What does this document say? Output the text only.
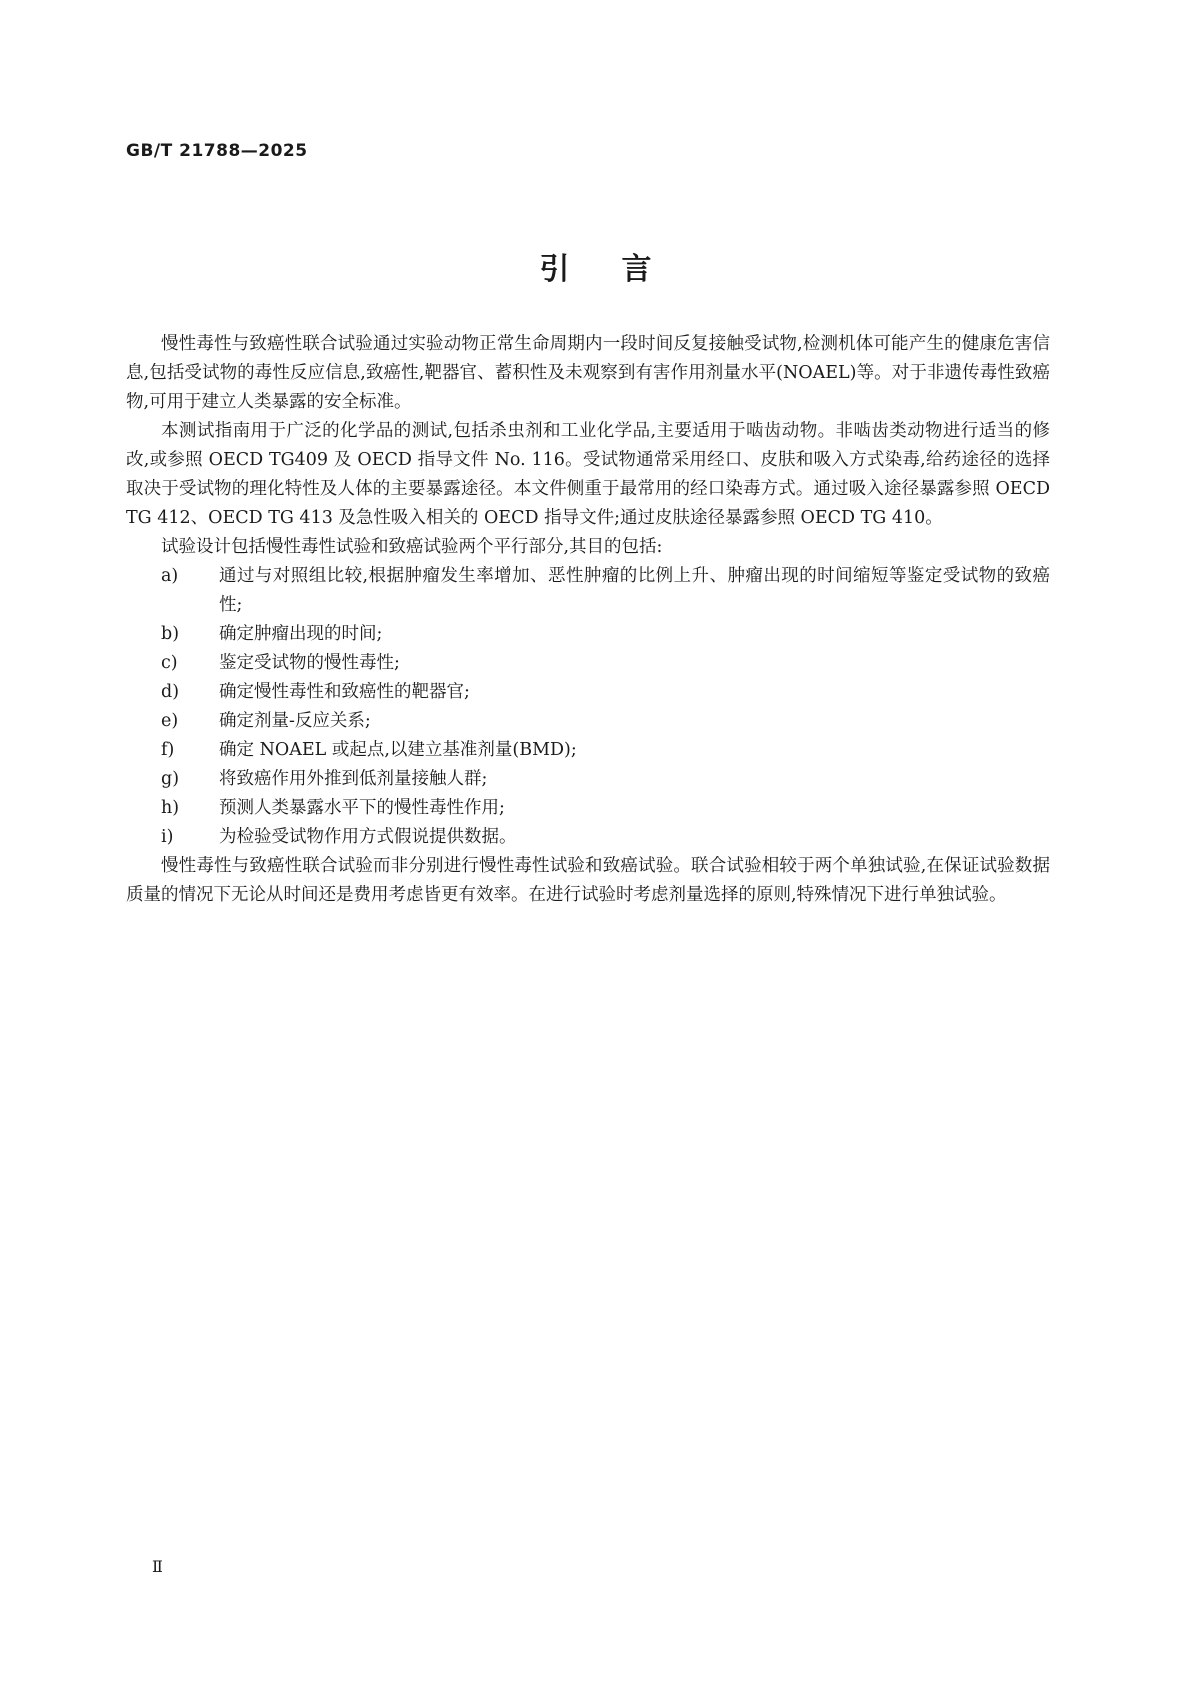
GB/T 21788—2025
引言

慢性毒性与致癌性联合试验通过实验动物正常生命周期内一段时间反复接触受试物,检测机体可能产生的健康危害信息,包括受试物的毒性反应信息,致癌性,靶器官、蓄积性及未观察到有害作用剂量水平(NOAEL)等。对于非遗传毒性致癌物,可用于建立人类暴露的安全标准。

本测试指南用于广泛的化学品的测试,包括杀虫剂和工业化学品,主要适用于啮齿动物。非啮齿类动物进行适当的修改,或参照 OECD TG409 及 OECD 指导文件 No. 116。受试物通常采用经口、皮肤和吸入方式染毒,给药途径的选择取决于受试物的理化特性及人体的主要暴露途径。本文件侧重于最常用的经口染毒方式。通过吸入途径暴露参照 OECD TG 412、OECD TG 413 及急性吸入相关的 OECD 指导文件;通过皮肤途径暴露参照 OECD TG 410。

试验设计包括慢性毒性试验和致癌试验两个平行部分,其目的包括:

a)	通过与对照组比较,根据肿瘤发生率增加、恶性肿瘤的比例上升、肿瘤出现的时间缩短等鉴定受试物的致癌性;
b)	确定肿瘤出现的时间;
c)	鉴定受试物的慢性毒性;
d)	确定慢性毒性和致癌性的靶器官;
e)	确定剂量-反应关系;
f)	确定 NOAEL 或起点,以建立基准剂量(BMD);
g)	将致癌作用外推到低剂量接触人群;
h)	预测人类暴露水平下的慢性毒性作用;
i)	为检验受试物作用方式假说提供数据。

慢性毒性与致癌性联合试验而非分别进行慢性毒性试验和致癌试验。联合试验相较于两个单独试验,在保证试验数据质量的情况下无论从时间还是费用考虑皆更有效率。在进行试验时考虑剂量选择的原则,特殊情况下进行单独试验。

Ⅱ
